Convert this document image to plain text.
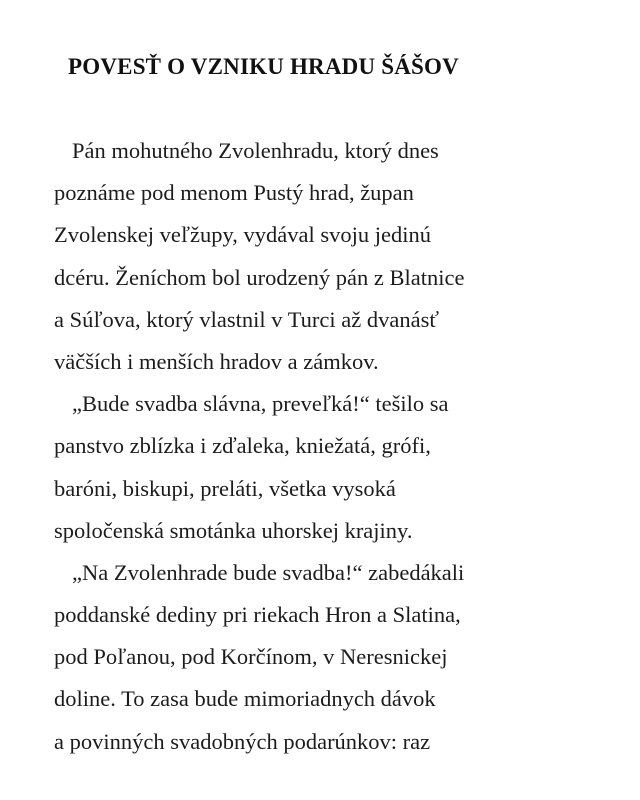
POVESŤ O VZNIKU HRADU ŠÁŠOV
Pán mohutného Zvolenhradu, ktorý dnes
poznáme pod menom Pustý hrad, župan
Zvolenskej veľžupy, vydával svoju jedinú
dcéru. Ženíchom bol urodzený pán z Blatnice
a Súľova, ktorý vlastnil v Turci až dvanásť
väčších i menších hradov a zámkov.
„Bude svadba slávna, preveľká!“ tešilo sa
panstvo zblízka i zďaleka, kniežatá, grófi,
baróni, biskupi, preláti, všetka vysoká
spoločenská smotánka uhorskej krajiny.
„Na Zvolenhrade bude svadba!“ zabedákali
poddanské dediny pri riekach Hron a Slatina,
pod Poľanou, pod Korčínom, v Neresnickej
doline. To zasa bude mimoriadnych dávok
a povinných svadobných podarúnkov: raz
